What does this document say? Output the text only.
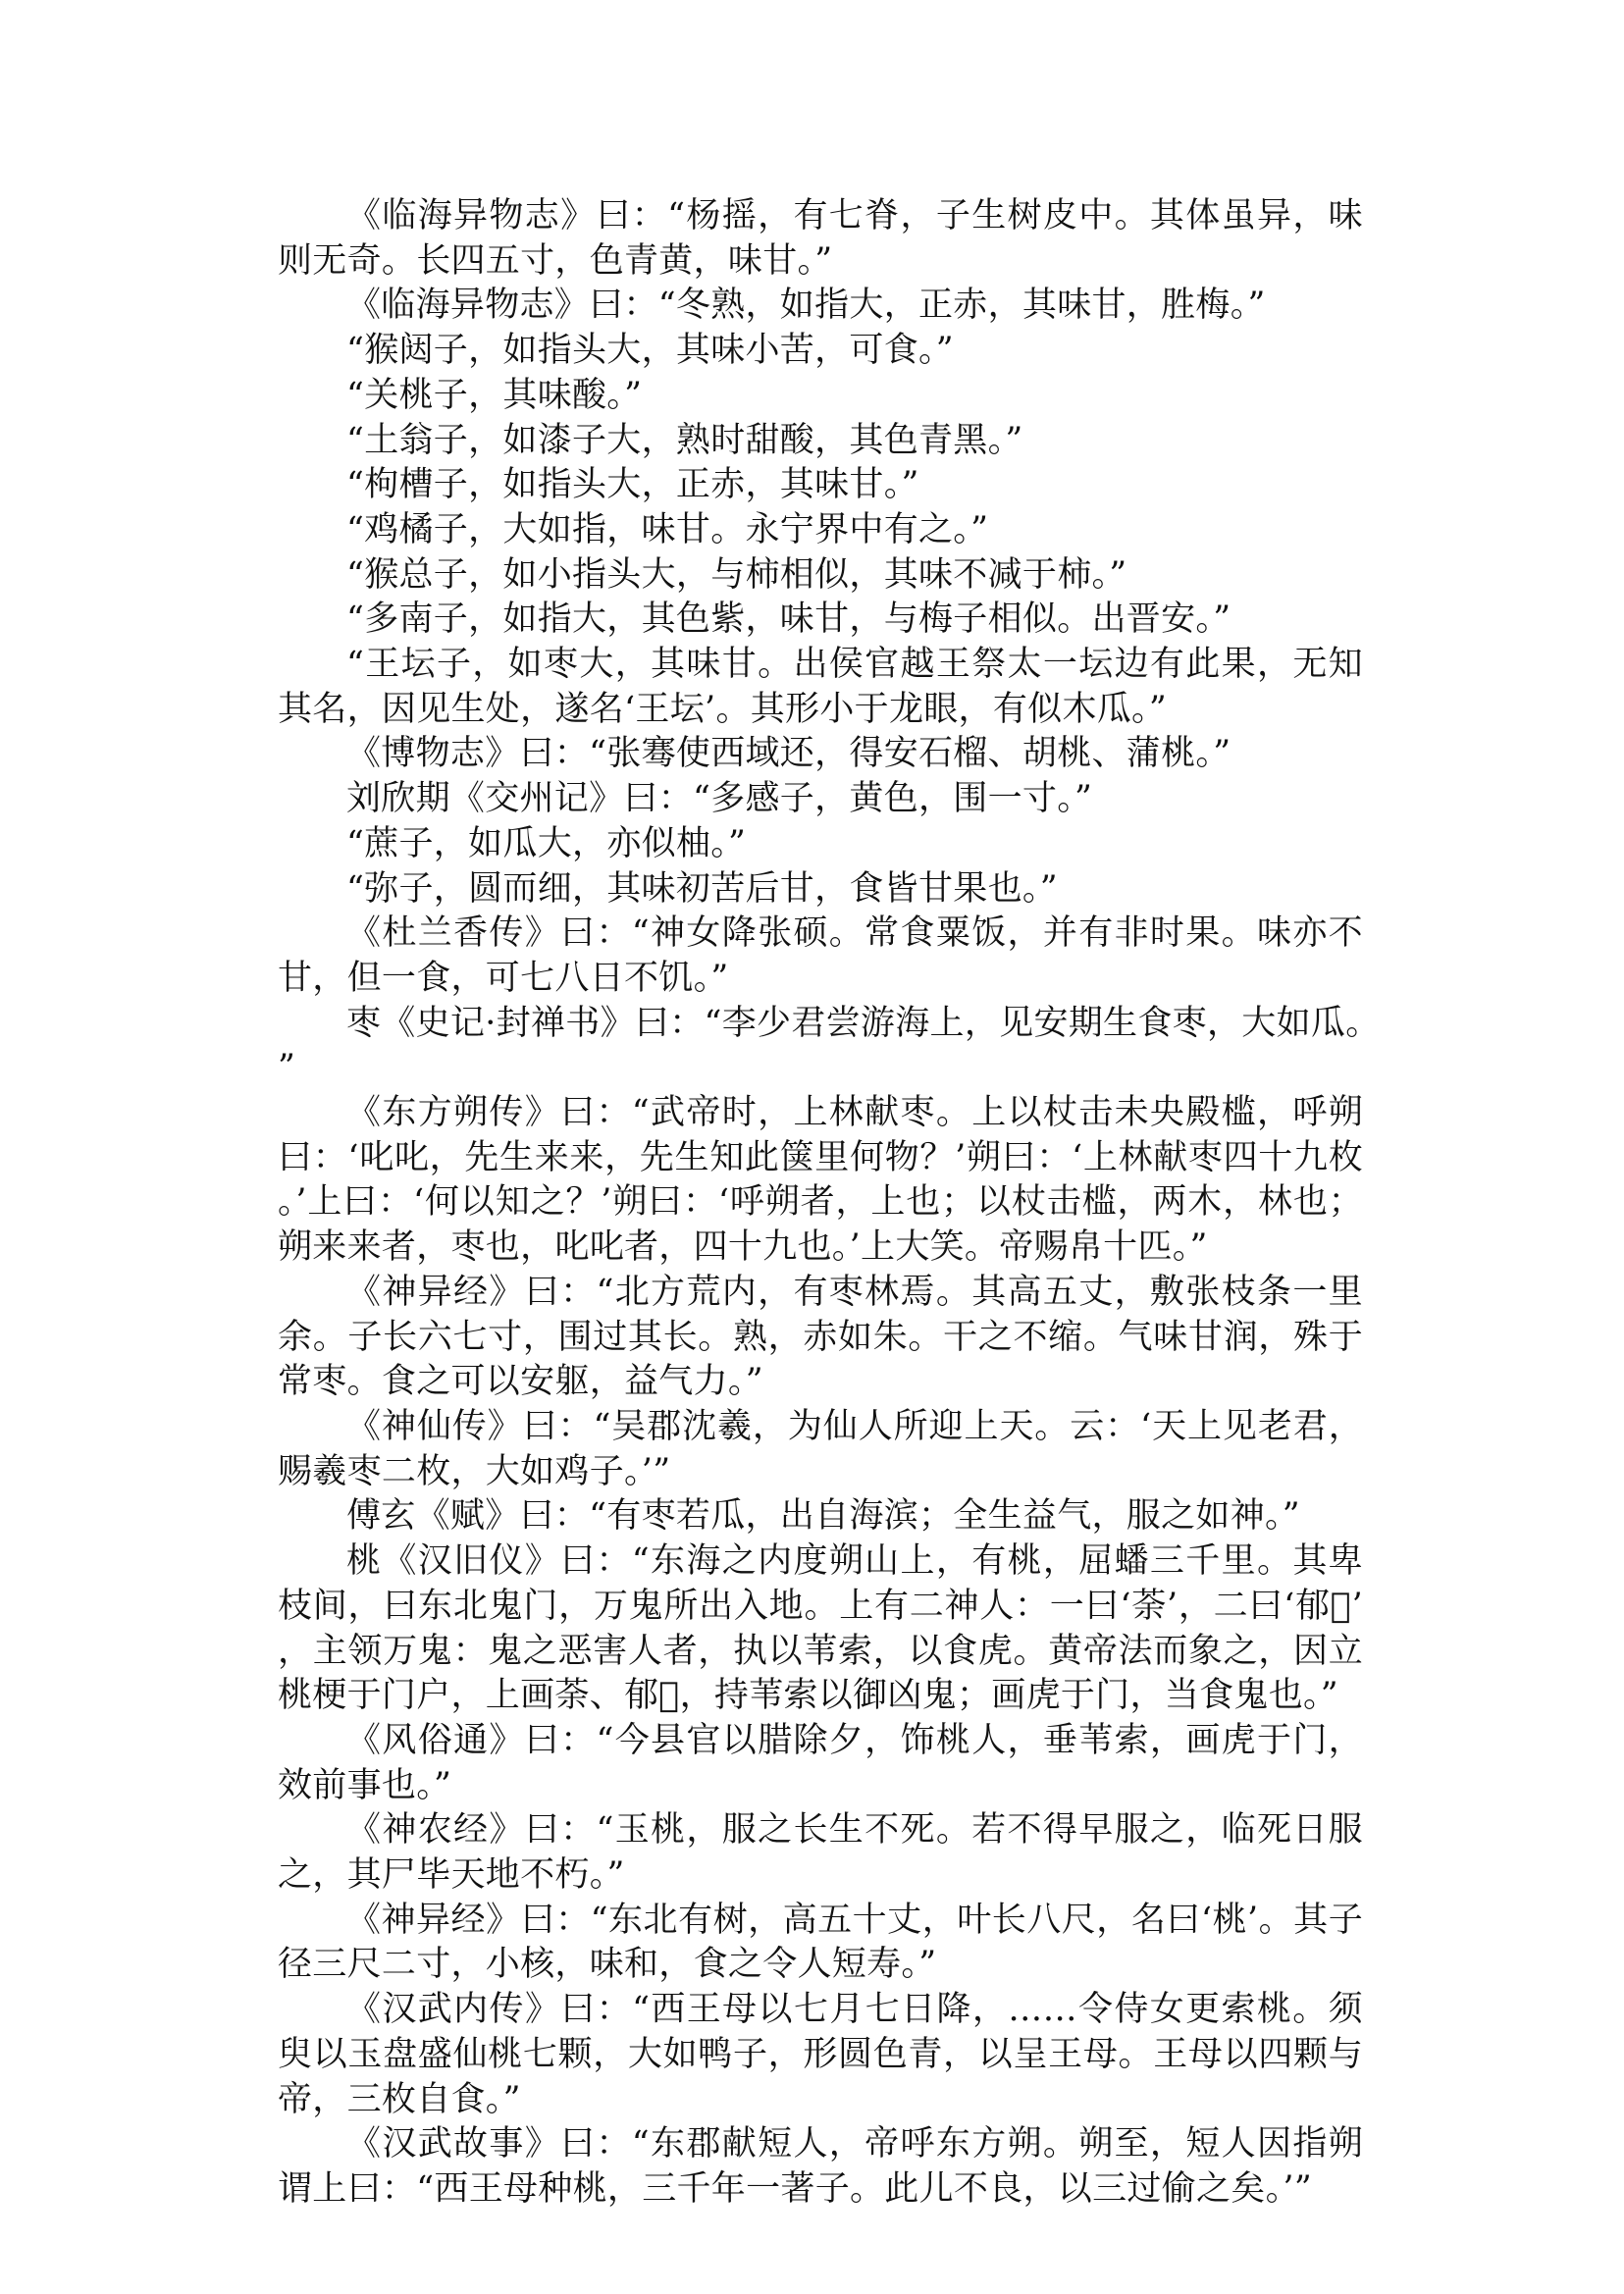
《临海异物志》曰：“杨摇，有七脊，子生树皮中。其体虽异，味则无奇。长四五寸，色青黄，味甘。”

《临海异物志》曰：“冬熟，如指大，正赤，其味甘，胜梅。”

“猴闼子，如指头大，其味小苦，可食。”

“关桃子，其味酸。”

“土翁子，如漆子大，熟时甜酸，其色青黑。”

“枸槽子，如指头大，正赤，其味甘。”

“鸡橘子，大如指，味甘。永宁界中有之。”

“猴总子，如小指头大，与柿相似，其味不减于柿。”

“多南子，如指大，其色紫，味甘，与梅子相似。出晋安。”

“王坛子，如枣大，其味甘。出侯官越王祭太一坛边有此果，无知其名，因见生处，遂名‘王坛’。其形小于龙眼，有似木瓜。”

《博物志》曰：“张骞使西域还，得安石榴、胡桃、蒲桃。”

刘欣期《交州记》曰：“多感子，黄色，围一寸。”

“蔗子，如瓜大，亦似柚。”

“弥子，圆而细，其味初苦后甘，食皆甘果也。”

《杜兰香传》曰：“神女降张硕。常食粟饭，并有非时果。味亦不甘，但一食，可七八日不饥。”

枣《史记·封禅书》曰：“李少君尝游海上，见安期生食枣，大如瓜。”

《东方朔传》曰：“武帝时，上林献枣。上以杖击未央殿槛，呼朔曰：‘叱叱，先生来来，先生知此箧里何物？’朔曰：‘上林献枣四十九枚。’上曰：‘何以知之？’朔曰：‘呼朔者，上也；以杖击槛，两木，林也；朔来来者，枣也，叱叱者，四十九也。’上大笑。帝赐帛十匹。”

《神异经》曰：“北方荒内，有枣林焉。其高五丈，敷张枝条一里余。子长六七寸，围过其长。熟，赤如朱。干之不缩。气味甘润，殊于常枣。食之可以安躯，益气力。”

《神仙传》曰：“吴郡沈羲，为仙人所迎上天。云：‘天上见老君，赐羲枣二枚，大如鸡子。’”

傅玄《赋》曰：“有枣若瓜，出自海滨；全生益气，服之如神。”

桃《汉旧仪》曰：“东海之内度朔山上，有桃，屈蟠三千里。其卑枝间，曰东北鬼门，万鬼所出入地。上有二神人：一曰‘荼’，二曰‘郁𡐂’，主领万鬼：鬼之恶害人者，执以苇索，以食虎。黄帝法而象之，因立桃梗于门户，上画荼、郁𡐂，持苇索以御凶鬼；画虎于门，当食鬼也。”

《风俗通》曰：“今县官以腊除夕，饰桃人，垂苇索，画虎于门，效前事也。”

《神农经》曰：“玉桃，服之长生不死。若不得早服之，临死日服之，其尸毕天地不朽。”

《神异经》曰：“东北有树，高五十丈，叶长八尺，名曰‘桃’。其子径三尺二寸，小核，味和，食之令人短寿。”

《汉武内传》曰：“西王母以七月七日降，……令侍女更索桃。须臾以玉盘盛仙桃七颗，大如鸭子，形圆色青，以呈王母。王母以四颗与帝，三枚自食。”

《汉武故事》曰：“东郡献短人，帝呼东方朔。朔至，短人因指朔谓上曰：“西王母种桃，三千年一著子。此儿不良，以三过偷之矣。’”
